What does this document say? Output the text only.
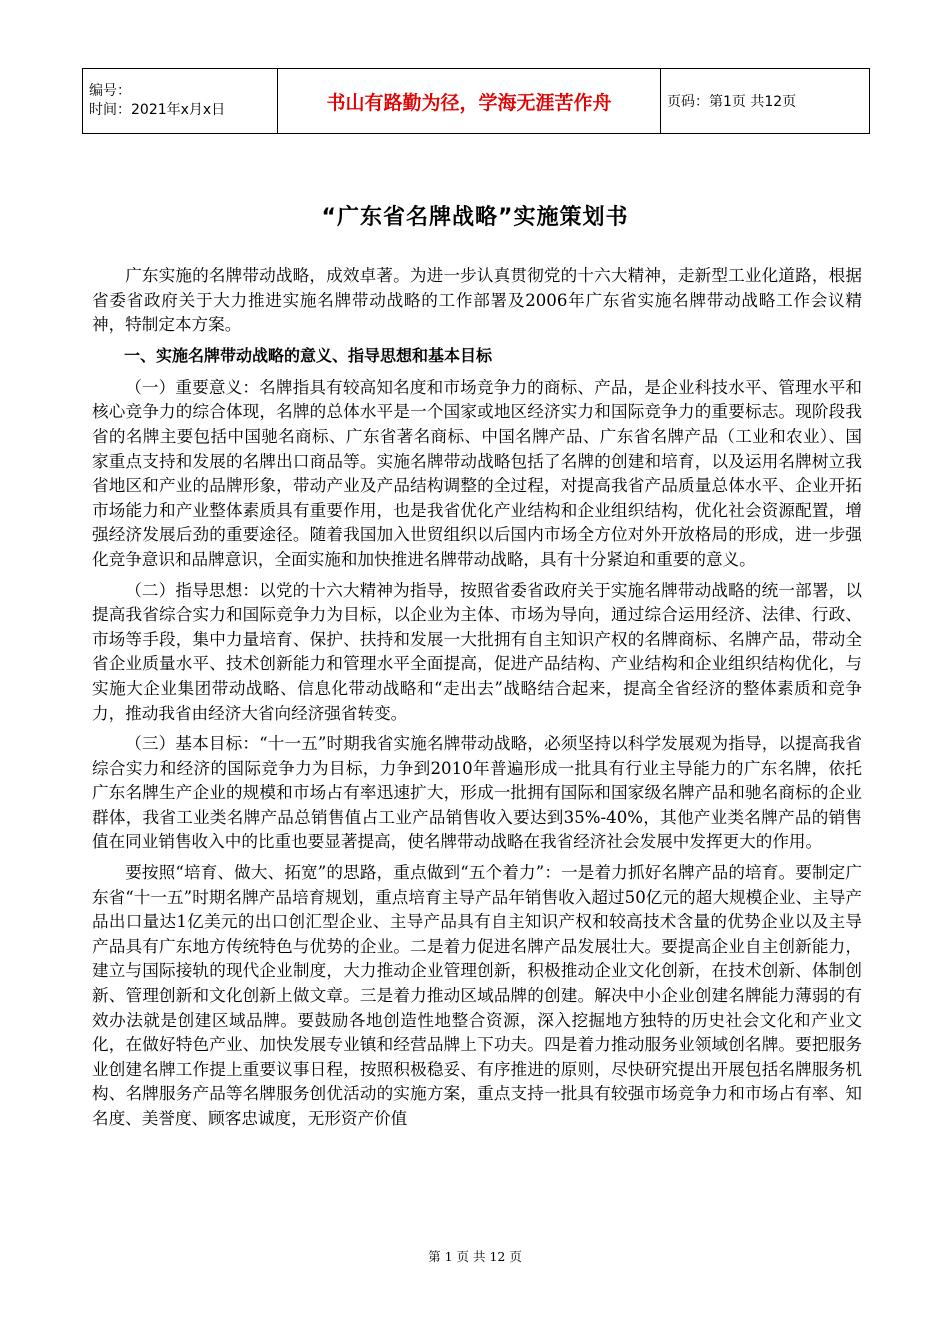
编号：
时间：2021年x月x日	书山有路勤为径，学海无涯苦作舟	页码：第1页 共12页
“广东省名牌战略”实施策划书

广东实施的名牌带动战略，成效卓著。为进一步认真贯彻党的十六大精神，走新型工业化道路，根据省委省政府关于大力推进实施名牌带动战略的工作部署及2006年广东省实施名牌带动战略工作会议精神，特制定本方案。

一、实施名牌带动战略的意义、指导思想和基本目标

（一）重要意义：名牌指具有较高知名度和市场竞争力的商标、产品，是企业科技水平、管理水平和核心竞争力的综合体现，名牌的总体水平是一个国家或地区经济实力和国际竞争力的重要标志。现阶段我省的名牌主要包括中国驰名商标、广东省著名商标、中国名牌产品、广东省名牌产品（工业和农业）、国家重点支持和发展的名牌出口商品等。实施名牌带动战略包括了名牌的创建和培育，以及运用名牌树立我省地区和产业的品牌形象，带动产业及产品结构调整的全过程，对提高我省产品质量总体水平、企业开拓市场能力和产业整体素质具有重要作用，也是我省优化产业结构和企业组织结构，优化社会资源配置，增强经济发展后劲的重要途径。随着我国加入世贸组织以后国内市场全方位对外开放格局的形成，进一步强化竞争意识和品牌意识，全面实施和加快推进名牌带动战略，具有十分紧迫和重要的意义。

（二）指导思想：以党的十六大精神为指导，按照省委省政府关于实施名牌带动战略的统一部署，以提高我省综合实力和国际竞争力为目标，以企业为主体、市场为导向，通过综合运用经济、法律、行政、市场等手段，集中力量培育、保护、扶持和发展一大批拥有自主知识产权的名牌商标、名牌产品，带动全省企业质量水平、技术创新能力和管理水平全面提高，促进产品结构、产业结构和企业组织结构优化，与实施大企业集团带动战略、信息化带动战略和“走出去”战略结合起来，提高全省经济的整体素质和竞争力，推动我省由经济大省向经济强省转变。

（三）基本目标：“十一五”时期我省实施名牌带动战略，必须坚持以科学发展观为指导，以提高我省综合实力和经济的国际竞争力为目标，力争到2010年普遍形成一批具有行业主导能力的广东名牌，依托广东名牌生产企业的规模和市场占有率迅速扩大，形成一批拥有国际和国家级名牌产品和驰名商标的企业群体，我省工业类名牌产品总销售值占工业产品销售收入要达到35%-40%，其他产业类名牌产品的销售值在同业销售收入中的比重也要显著提高，使名牌带动战略在我省经济社会发展中发挥更大的作用。

要按照“培育、做大、拓宽”的思路，重点做到“五个着力”：一是着力抓好名牌产品的培育。要制定广东省“十一五”时期名牌产品培育规划，重点培育主导产品年销售收入超过50亿元的超大规模企业、主导产品出口量达1亿美元的出口创汇型企业、主导产品具有自主知识产权和较高技术含量的优势企业以及主导产品具有广东地方传统特色与优势的企业。二是着力促进名牌产品发展壮大。要提高企业自主创新能力，建立与国际接轨的现代企业制度，大力推动企业管理创新，积极推动企业文化创新，在技术创新、体制创新、管理创新和文化创新上做文章。三是着力推动区域品牌的创建。解决中小企业创建名牌能力薄弱的有效办法就是创建区域品牌。要鼓励各地创造性地整合资源，深入挖掘地方独特的历史社会文化和产业文化，在做好特色产业、加快发展专业镇和经营品牌上下功夫。四是着力推动服务业领域创名牌。要把服务业创建名牌工作提上重要议事日程，按照积极稳妥、有序推进的原则，尽快研究提出开展包括名牌服务机构、名牌服务产品等名牌服务创优活动的实施方案，重点支持一批具有较强市场竞争力和市场占有率、知名度、美誉度、顾客忠诚度，无形资产价值

第 1 页 共 12 页
